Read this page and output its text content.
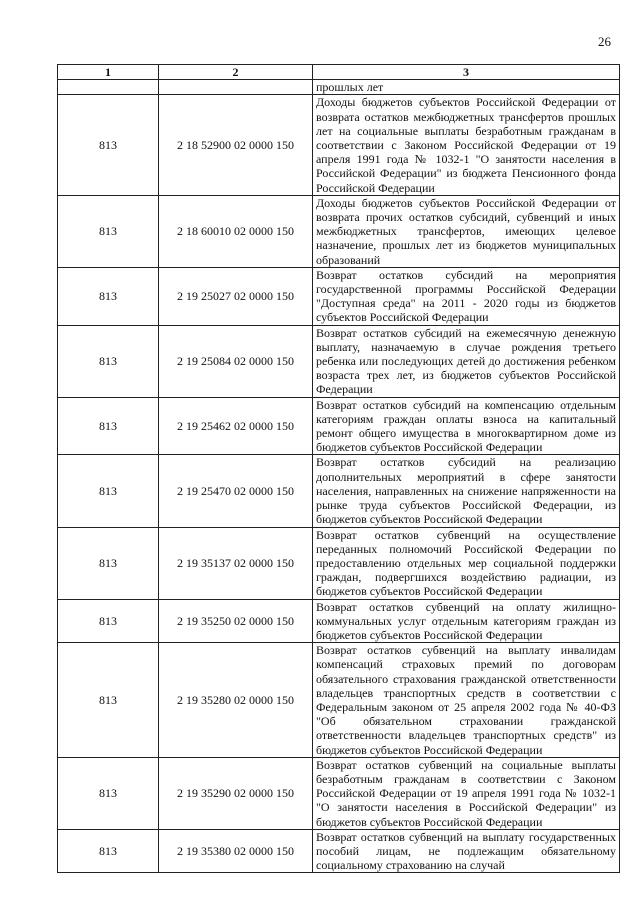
26
1	2	3
		прошлых лет
813	2 18 52900 02 0000 150	Доходы бюджетов субъектов Российской Федерации от возврата остатков межбюджетных трансфертов прошлых лет на социальные выплаты безработным гражданам в соответствии с Законом Российской Федерации от 19 апреля 1991 года № 1032-1 "О занятости населения в Российской Федерации" из бюджета Пенсионного фонда Российской Федерации
813	2 18 60010 02 0000 150	Доходы бюджетов субъектов Российской Федерации от возврата прочих остатков субсидий, субвенций и иных межбюджетных трансфертов, имеющих целевое назначение, прошлых лет из бюджетов муниципальных образований
813	2 19 25027 02 0000 150	Возврат остатков субсидий на мероприятия государственной программы Российской Федерации "Доступная среда" на 2011 - 2020 годы из бюджетов субъектов Российской Федерации
813	2 19 25084 02 0000 150	Возврат остатков субсидий на ежемесячную денежную выплату, назначаемую в случае рождения третьего ребенка или последующих детей до достижения ребенком возраста трех лет, из бюджетов субъектов Российской Федерации
813	2 19 25462 02 0000 150	Возврат остатков субсидий на компенсацию отдельным категориям граждан оплаты взноса на капитальный ремонт общего имущества в многоквартирном доме из бюджетов субъектов Российской Федерации
813	2 19 25470 02 0000 150	Возврат остатков субсидий на реализацию дополнительных мероприятий в сфере занятости населения, направленных на снижение напряженности на рынке труда субъектов Российской Федерации, из бюджетов субъектов Российской Федерации
813	2 19 35137 02 0000 150	Возврат остатков субвенций на осуществление переданных полномочий Российской Федерации по предоставлению отдельных мер социальной поддержки граждан, подвергшихся воздействию радиации, из бюджетов субъектов Российской Федерации
813	2 19 35250 02 0000 150	Возврат остатков субвенций на оплату жилищно-коммунальных услуг отдельным категориям граждан из бюджетов субъектов Российской Федерации
813	2 19 35280 02 0000 150	Возврат остатков субвенций на выплату инвалидам компенсаций страховых премий по договорам обязательного страхования гражданской ответственности владельцев транспортных средств в соответствии с Федеральным законом от 25 апреля 2002 года № 40-ФЗ "Об обязательном страховании гражданской ответственности владельцев транспортных средств" из бюджетов субъектов Российской Федерации
813	2 19 35290 02 0000 150	Возврат остатков субвенций на социальные выплаты безработным гражданам в соответствии с Законом Российской Федерации от 19 апреля 1991 года № 1032-1 "О занятости населения в Российской Федерации" из бюджетов субъектов Российской Федерации
813	2 19 35380 02 0000 150	Возврат остатков субвенций на выплату государственных пособий лицам, не подлежащим обязательному социальному страхованию на случай
